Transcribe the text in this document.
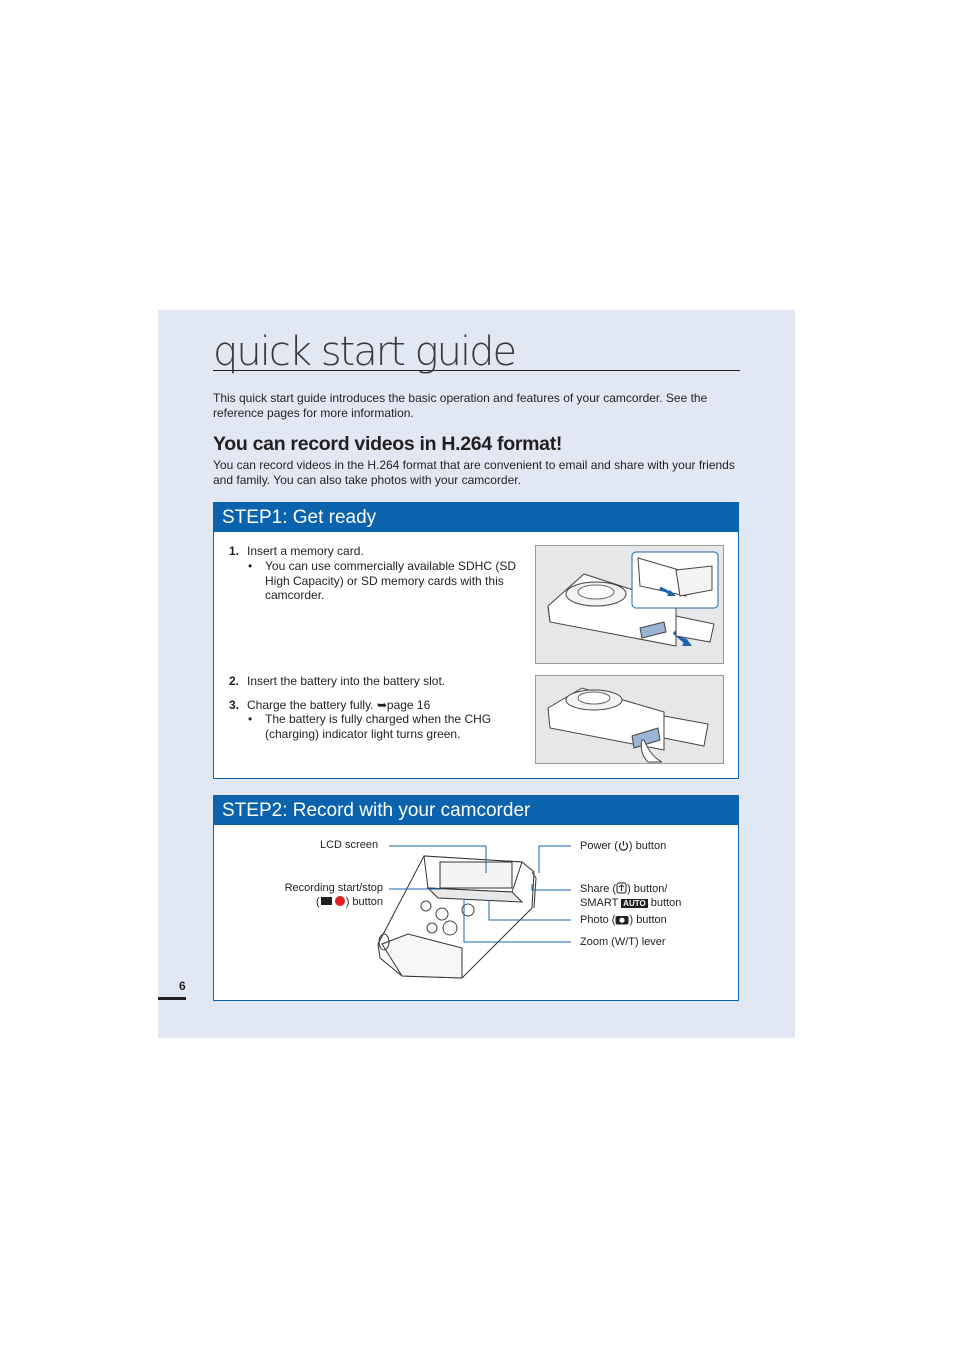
quick start guide
This quick start guide introduces the basic operation and features of your camcorder. See the reference pages for more information.
You can record videos in H.264 format!
You can record videos in the H.264 format that are convenient to email and share with your friends and family. You can also take photos with your camcorder.
STEP1: Get ready
1. Insert a memory card.
• You can use commercially available SDHC (SD High Capacity) or SD memory cards with this camcorder.
2. Insert the battery into the battery slot.
3. Charge the battery fully. ➥page 16
• The battery is fully charged when the CHG (charging) indicator light turns green.
STEP2: Record with your camcorder
LCD screen
Recording start/stop
( ) button
Power ( ) button
Share ( ) button/
SMART AUTO button
Photo ( ) button
Zoom (W/T) lever
6
